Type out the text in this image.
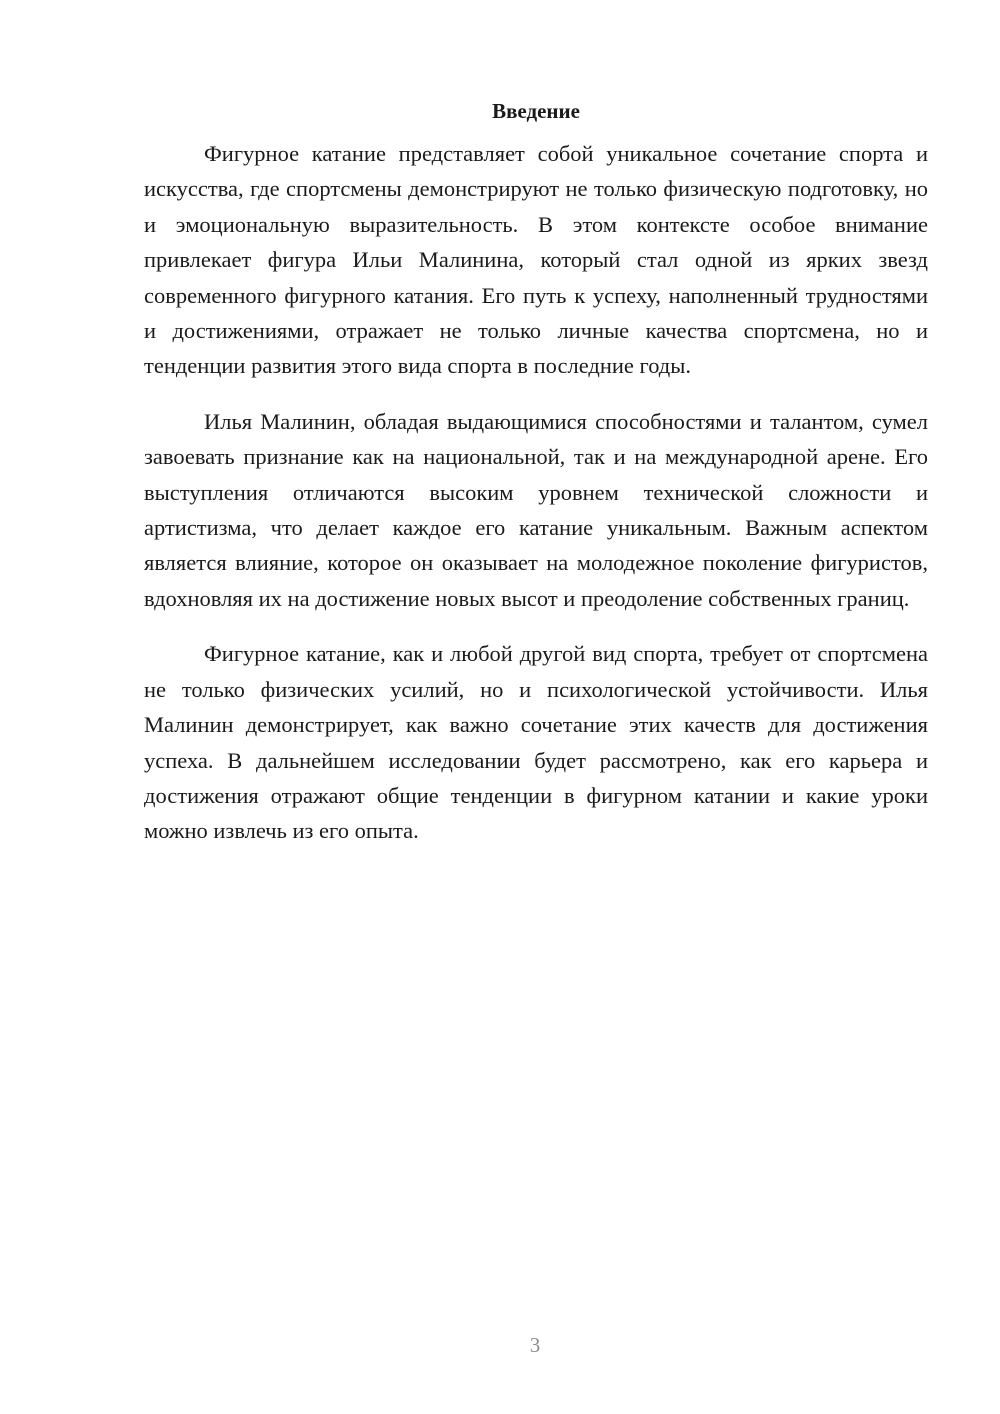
Введение

Фигурное катание представляет собой уникальное сочетание спорта и искусства, где спортсмены демонстрируют не только физическую подготовку, но и эмоциональную выразительность. В этом контексте особое внимание привлекает фигура Ильи Малинина, который стал одной из ярких звезд современного фигурного катания. Его путь к успеху, наполненный трудностями и достижениями, отражает не только личные качества спортсмена, но и тенденции развития этого вида спорта в последние годы.

Илья Малинин, обладая выдающимися способностями и талантом, сумел завоевать признание как на национальной, так и на международной арене. Его выступления отличаются высоким уровнем технической сложности и артистизма, что делает каждое его катание уникальным. Важным аспектом является влияние, которое он оказывает на молодежное поколение фигуристов, вдохновляя их на достижение новых высот и преодоление собственных границ.

Фигурное катание, как и любой другой вид спорта, требует от спортсмена не только физических усилий, но и психологической устойчивости. Илья Малинин демонстрирует, как важно сочетание этих качеств для достижения успеха. В дальнейшем исследовании будет рассмотрено, как его карьера и достижения отражают общие тенденции в фигурном катании и какие уроки можно извлечь из его опыта.

3
